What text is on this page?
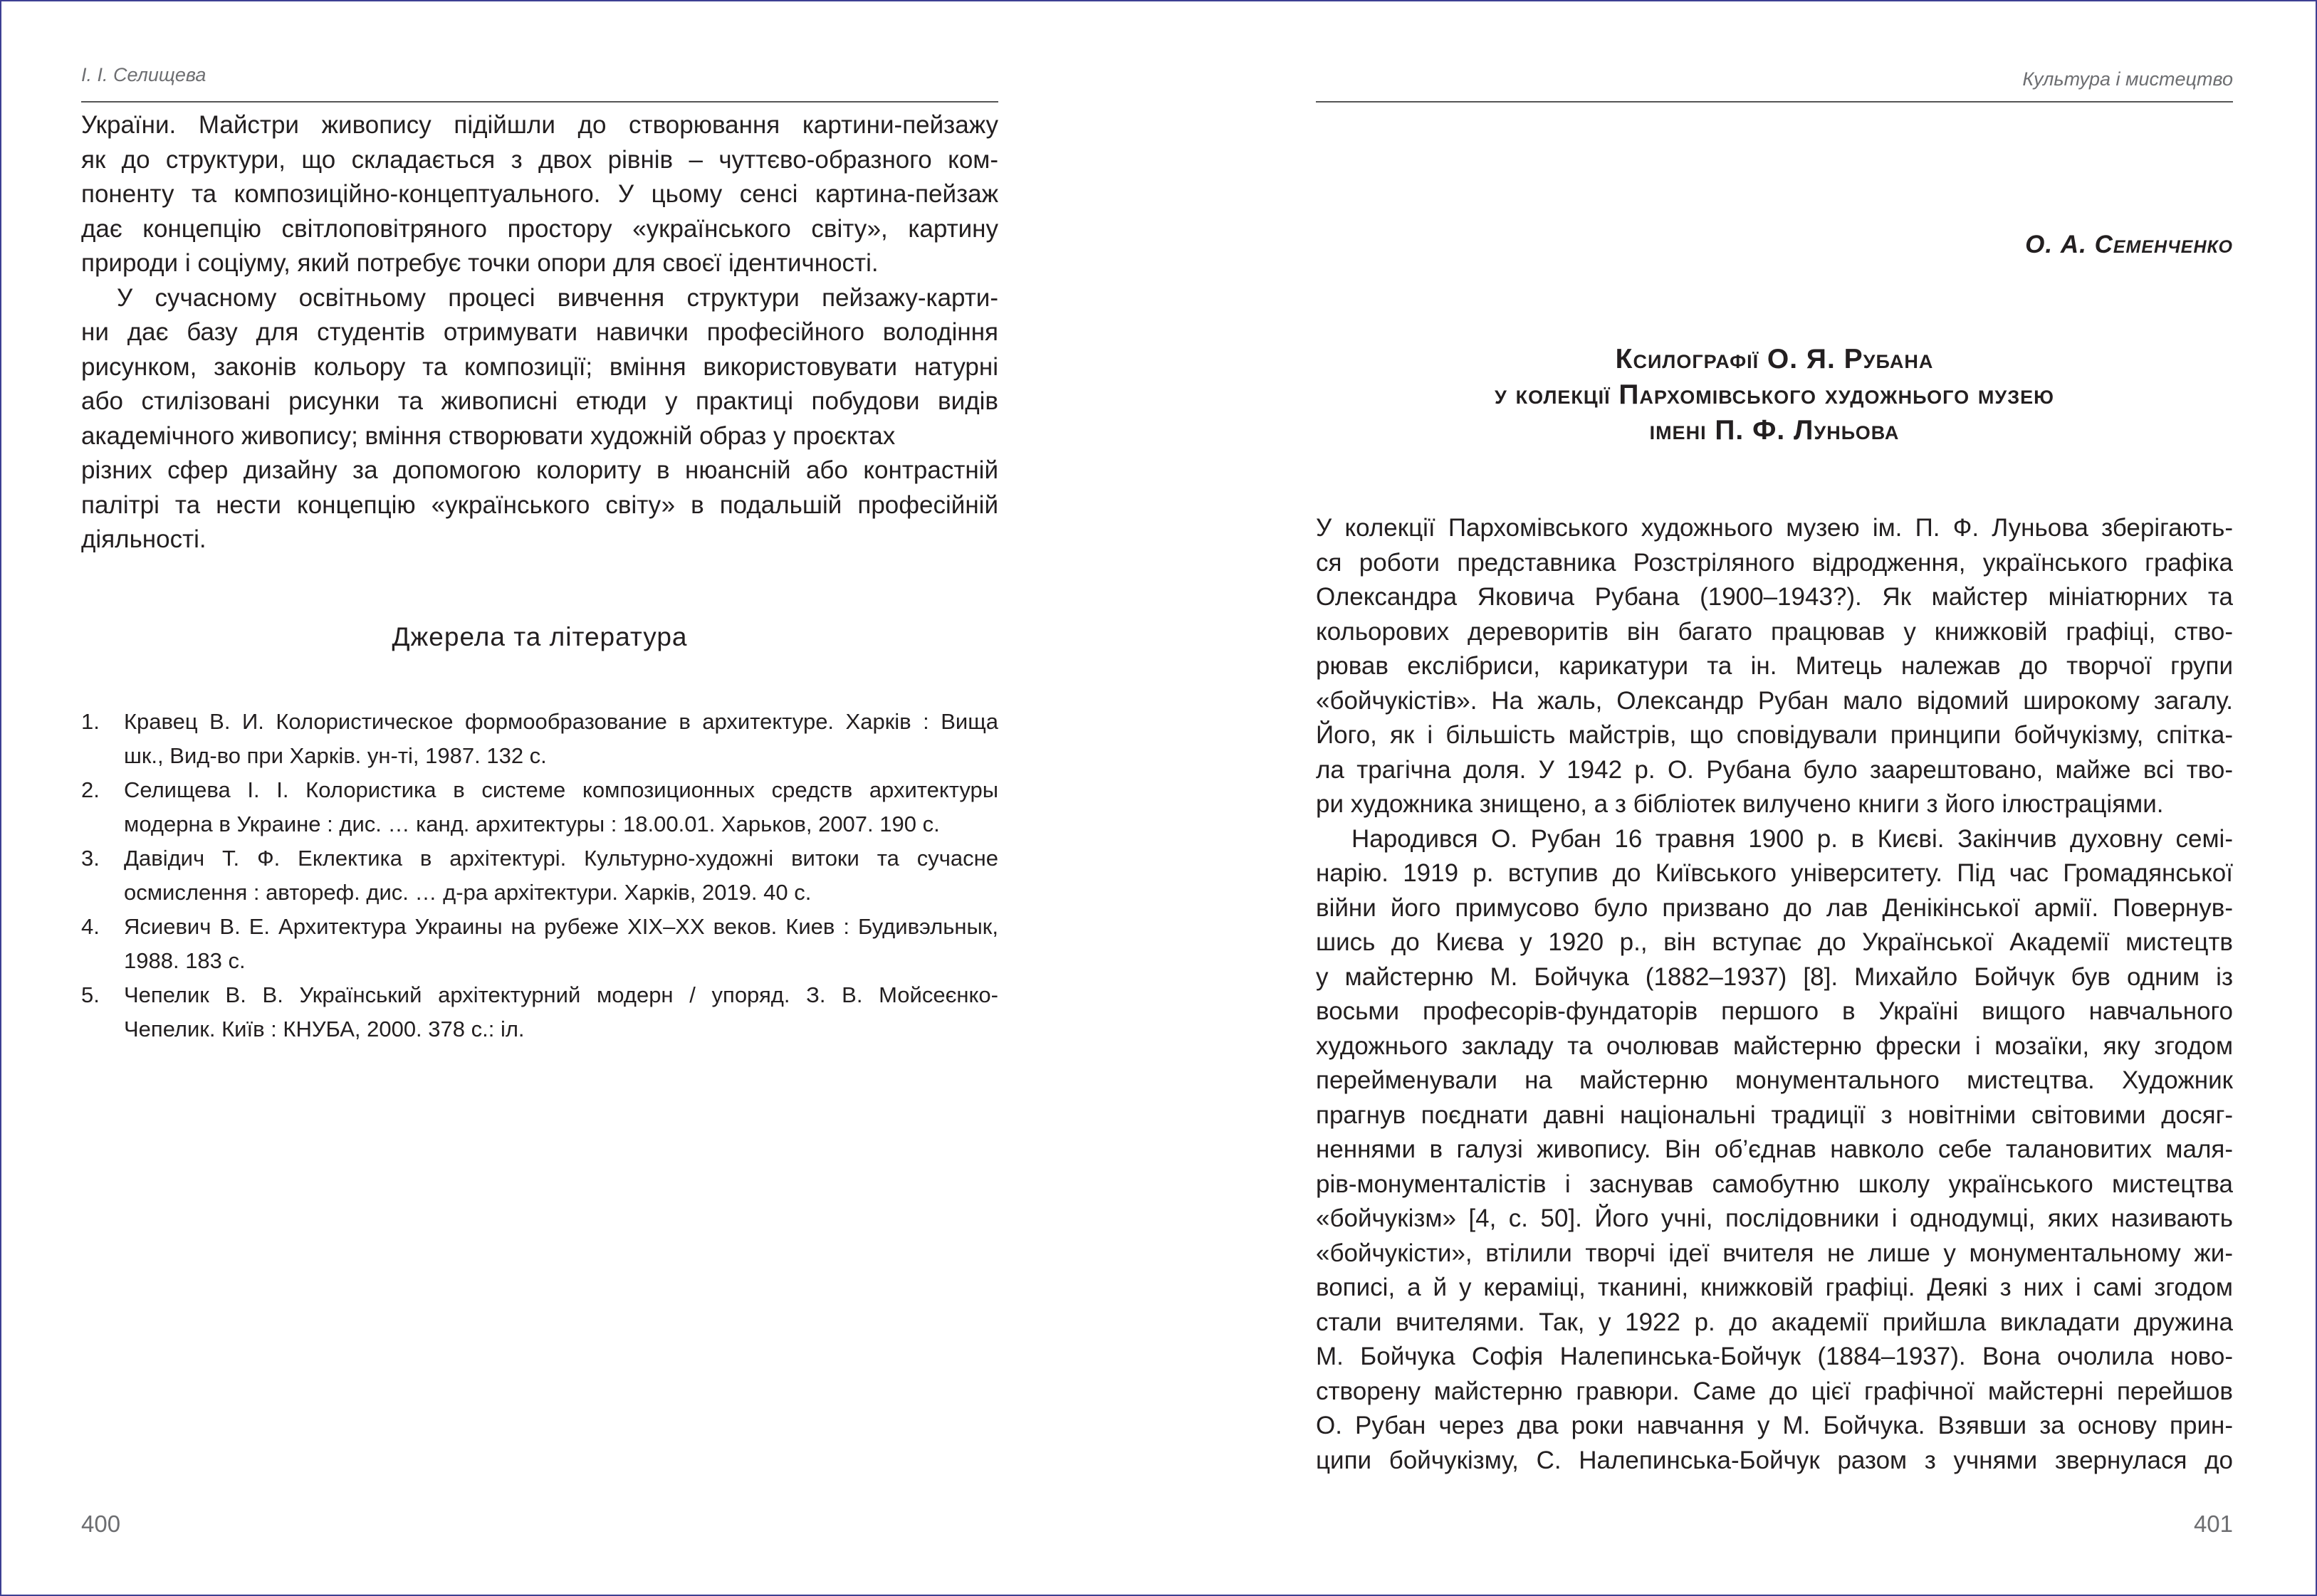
І. І. Селищева

України. Майстри живопису підійшли до створювання картини-пейзажу
як до структури, що складається з двох рівнів – чуттєво-образного ком-
поненту та композиційно-концептуального. У цьому сенсі картина-пейзаж
дає концепцію світлоповітряного простору «українського світу», картину
природи і соціуму, який потребує точки опори для своєї ідентичності.

У сучасному освітньому процесі вивчення структури пейзажу-карти-
ни дає базу для студентів отримувати навички професійного володіння
рисунком, законів кольору та композиції; вміння використовувати натурні
або стилізовані рисунки та живописні етюди у практиці побудови видів
академічного живопису; вміння створювати художній образ у проєктах
різних сфер дизайну за допомогою колориту в нюансній або контрастній
палітрі та нести концепцію «українського світу» в подальшій професійній
діяльності.

Джерела та література
1. Кравец В. И. Колористическое формообразование в архитектуре. Харків : Вища
шк., Вид-во при Харків. ун-ті, 1987. 132 с.
2. Селищева І. І. Колористика в системе композиционных средств архитектуры
модерна в Украине : дис. … канд. архитектуры : 18.00.01. Харьков, 2007. 190 с.
3. Давідич Т. Ф. Еклектика в архітектурі. Культурно-художні витоки та сучасне
осмислення : автореф. дис. … д-ра архітектури. Харків, 2019. 40 с.
4. Ясиевич В. Е. Архитектура Украины на рубеже XIX–XX веков. Киев : Будивэльнык,
1988. 183 с.
5. Чепелик В. В. Український архітектурний модерн / упоряд. З. В. Мойсеєнко-
Чепелик. Київ : КНУБА, 2000. 378 с.: іл.
400
Культура і мистецтво
О. А. Семенченко
Ксилографії О. Я. Рубана
у колекції Пархомівського художнього музею
імені П. Ф. Луньова

У колекції Пархомівського художнього музею ім. П. Ф. Луньова зберігають-
ся роботи представника Розстріляного відродження, українського графіка
Олександра Яковича Рубана (1900–1943?). Як майстер мініатюрних та
кольорових дереворитів він багато працював у книжковій графіці, ство-
рював екслібриси, карикатури та ін. Митець належав до творчої групи
«бойчукістів». На жаль, Олександр Рубан мало відомий широкому загалу.
Його, як і більшість майстрів, що сповідували принципи бойчукізму, спітка-
ла трагічна доля. У 1942 р. О. Рубана було заарештовано, майже всі тво-
ри художника знищено, а з бібліотек вилучено книги з його ілюстраціями.

Народився О. Рубан 16 травня 1900 р. в Києві. Закінчив духовну семі-
нарію. 1919 р. вступив до Київського університету. Під час Громадянської
війни його примусово було призвано до лав Денікінської армії. Повернув-
шись до Києва у 1920 р., він вступає до Української Академії мистецтв
у майстерню М. Бойчука (1882–1937) [8]. Михайло Бойчук був одним із
восьми професорів-фундаторів першого в Україні вищого навчального
художнього закладу та очолював майстерню фрески і мозаїки, яку згодом
перейменували на майстерню монументального мистецтва. Художник
прагнув поєднати давні національні традиції з новітніми світовими досяг-
неннями в галузі живопису. Він об’єднав навколо себе талановитих маля-
рів-монументалістів і заснував самобутню школу українського мистецтва
«бойчукізм» [4, с. 50]. Його учні, послідовники і однодумці, яких називають
«бойчукісти», втілили творчі ідеї вчителя не лише у монументальному жи-
вописі, а й у кераміці, тканині, книжковій графіці. Деякі з них і самі згодом
стали вчителями. Так, у 1922 р. до академії прийшла викладати дружина
М. Бойчука Софія Налепинська-Бойчук (1884–1937). Вона очолила ново-
створену майстерню гравюри. Саме до цієї графічної майстерні перейшов
О. Рубан через два роки навчання у М. Бойчука. Взявши за основу прин-
ципи бойчукізму, С. Налепинська-Бойчук разом з учнями звернулася до

401
